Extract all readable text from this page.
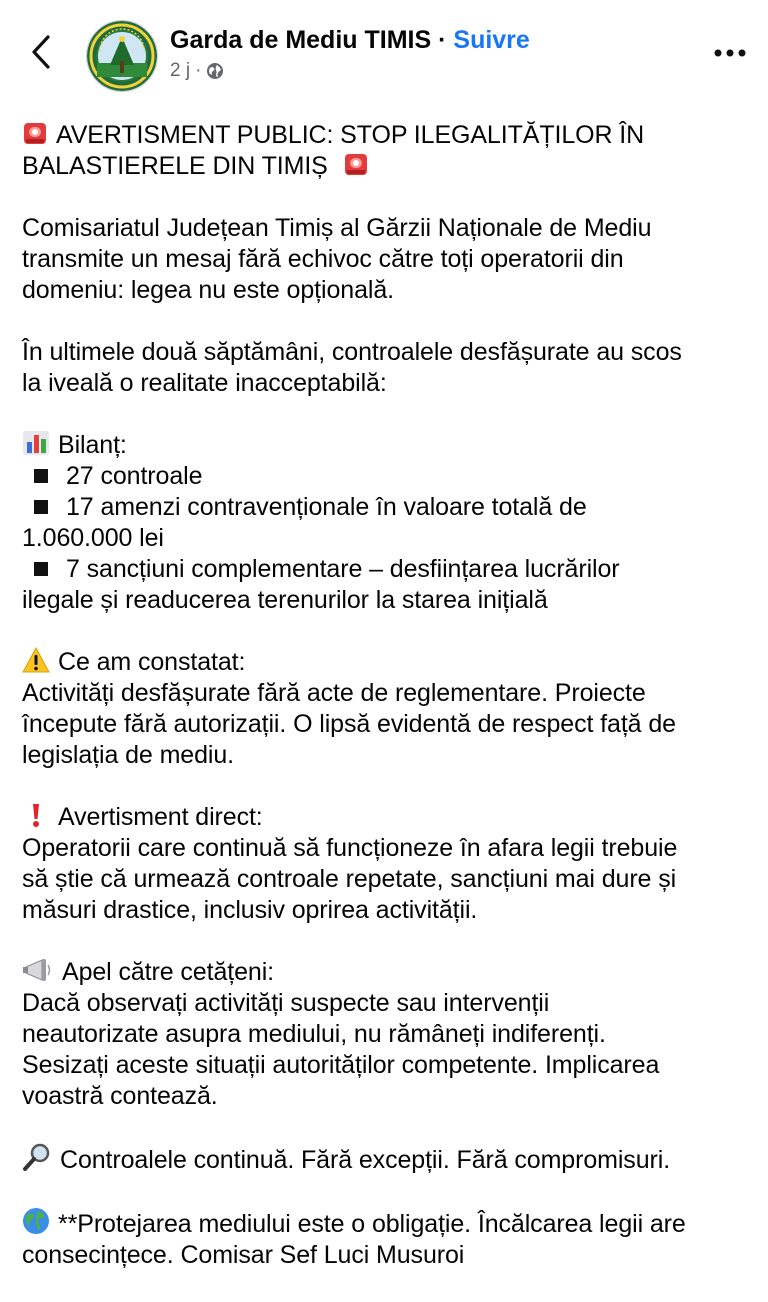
Garda de Mediu TIMIS · Suivre
2 j ·

AVERTISMENT PUBLIC: STOP ILEGALITĂȚILOR ÎN
BALASTIERELE DIN TIMIȘ

Comisariatul Județean Timiș al Gărzii Naționale de Mediu
transmite un mesaj fără echivoc către toți operatorii din
domeniu: legea nu este opțională.

În ultimele două săptămâni, controalele desfășurate au scos
la iveală o realitate inacceptabilă:

Bilanț:
27 controale
17 amenzi contravenționale în valoare totală de
1.060.000 lei
7 sancțiuni complementare – desființarea lucrărilor
ilegale și readucerea terenurilor la starea inițială

Ce am constatat:
Activități desfășurate fără acte de reglementare. Proiecte
începute fără autorizații. O lipsă evidentă de respect față de
legislația de mediu.

Avertisment direct:
Operatorii care continuă să funcționeze în afara legii trebuie
să știe că urmează controale repetate, sancțiuni mai dure și
măsuri drastice, inclusiv oprirea activității.

Apel către cetățeni:
Dacă observați activități suspecte sau intervenții
neautorizate asupra mediului, nu rămâneți indiferenți.
Sesizați aceste situații autorităților competente. Implicarea
voastră contează.

Controalele continuă. Fără excepții. Fără compromisuri.

**Protejarea mediului este o obligație. Încălcarea legii are
consecințece. Comisar Sef Luci Musuroi
